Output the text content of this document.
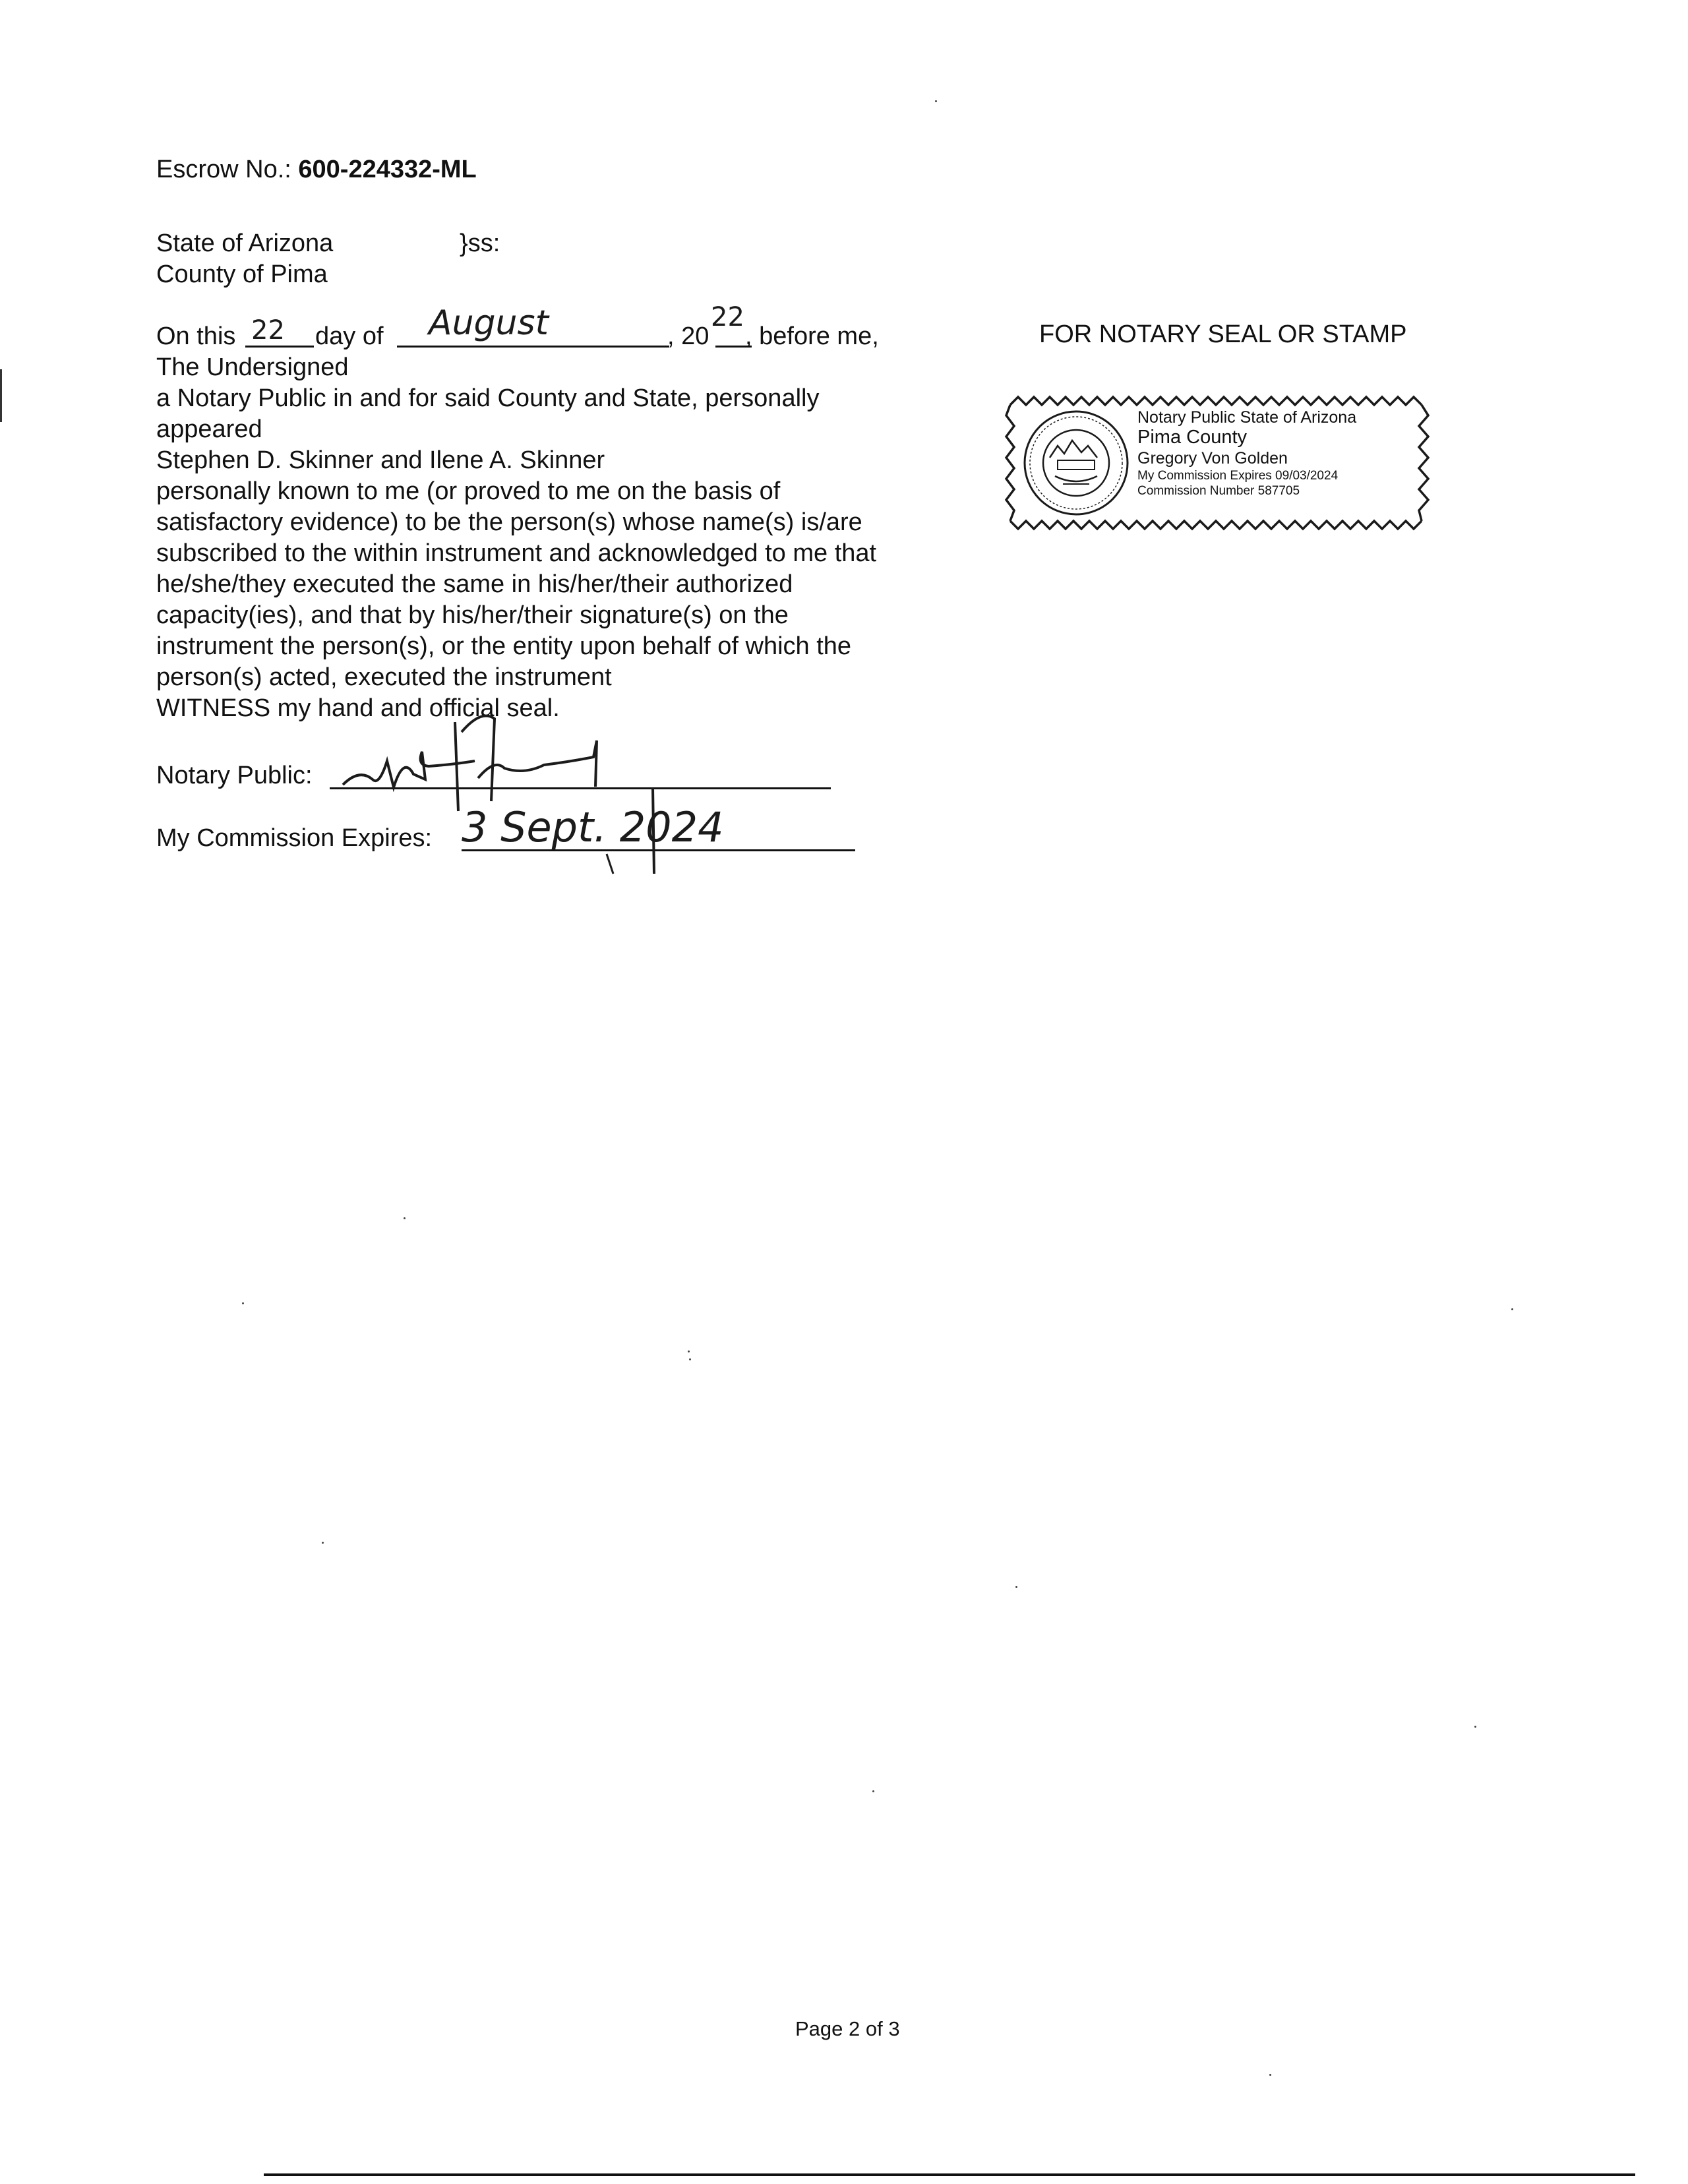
Escrow No.: 600-224332-ML

State of Arizona	}ss:

County of Pima

On this 22 day of August	, 20

22

, before me,

The Undersigned

a Notary Public in and for said County and State, personally

appeared

Stephen D. Skinner and Ilene A. Skinner

personally known to me (or proved to me on the basis of

satisfactory evidence) to be the person(s) whose name(s) is/are

subscribed to the within instrument and acknowledged to me that

he/she/they executed the same in his/her/their authorized

capacity(ies), and that by his/her/their signature(s) on the

instrument the person(s), or the entity upon behalf of which the

person(s) acted, executed the instrument

WITNESS my hand and official seal.

Notary Public:

My Commission Expires: 3 Sept. 2024

FOR NOTARY SEAL OR STAMP

Notary Public State of Arizona

Pima County

Gregory Von Golden

My Commission Expires 09/03/2024

Commission Number 587705

Page 2 of 3
